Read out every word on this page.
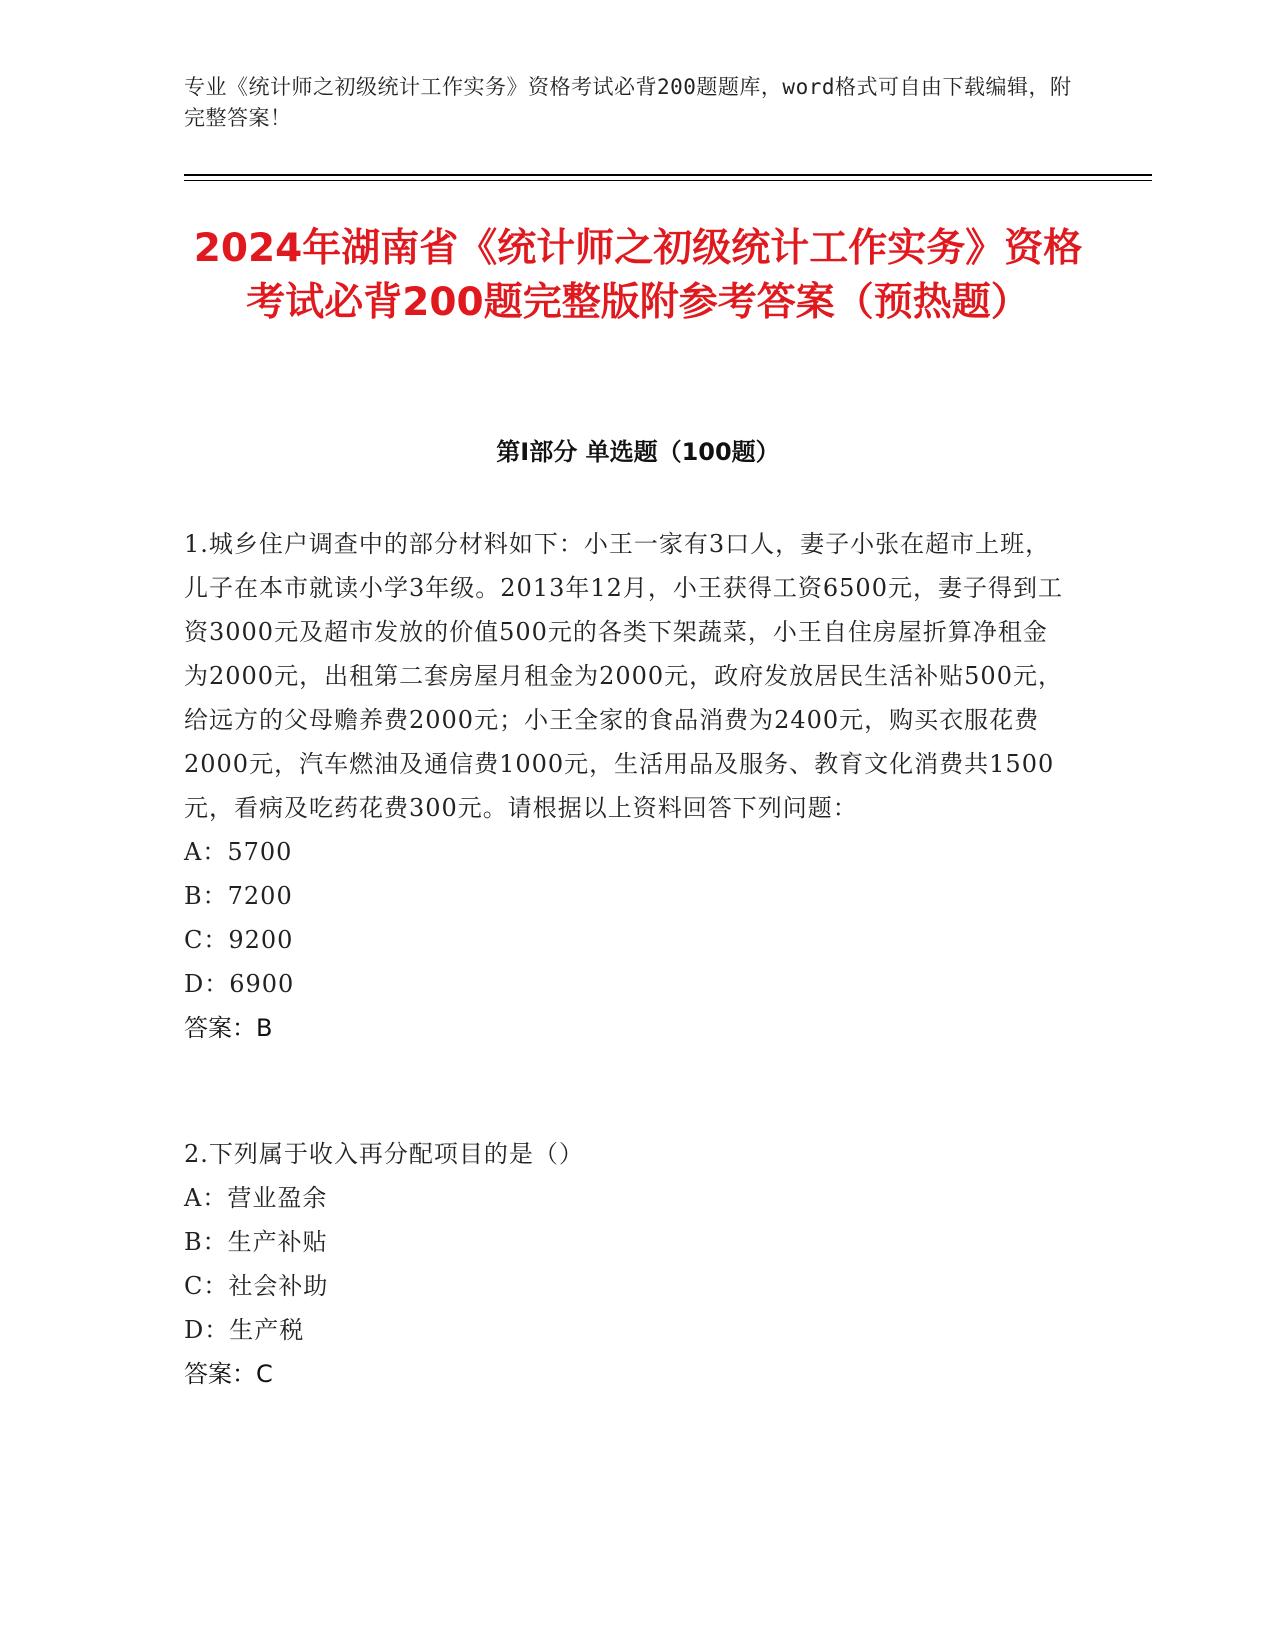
专业《统计师之初级统计工作实务》资格考试必背200题题库，word格式可自由下载编辑，附完整答案！
2024年湖南省《统计师之初级统计工作实务》资格考试必背200题完整版附参考答案（预热题）
第I部分 单选题（100题）
1.城乡住户调查中的部分材料如下：小王一家有3口人，妻子小张在超市上班，儿子在本市就读小学3年级。2013年12月，小王获得工资6500元，妻子得到工资3000元及超市发放的价值500元的各类下架蔬菜，小王自住房屋折算净租金为2000元，出租第二套房屋月租金为2000元，政府发放居民生活补贴500元，给远方的父母赡养费2000元；小王全家的食品消费为2400元，购买衣服花费2000元，汽车燃油及通信费1000元，生活用品及服务、教育文化消费共1500元，看病及吃药花费300元。请根据以上资料回答下列问题：
A：5700
B：7200
C：9200
D：6900
答案：B
2.下列属于收入再分配项目的是（）
A：营业盈余
B：生产补贴
C：社会补助
D：生产税
答案：C
